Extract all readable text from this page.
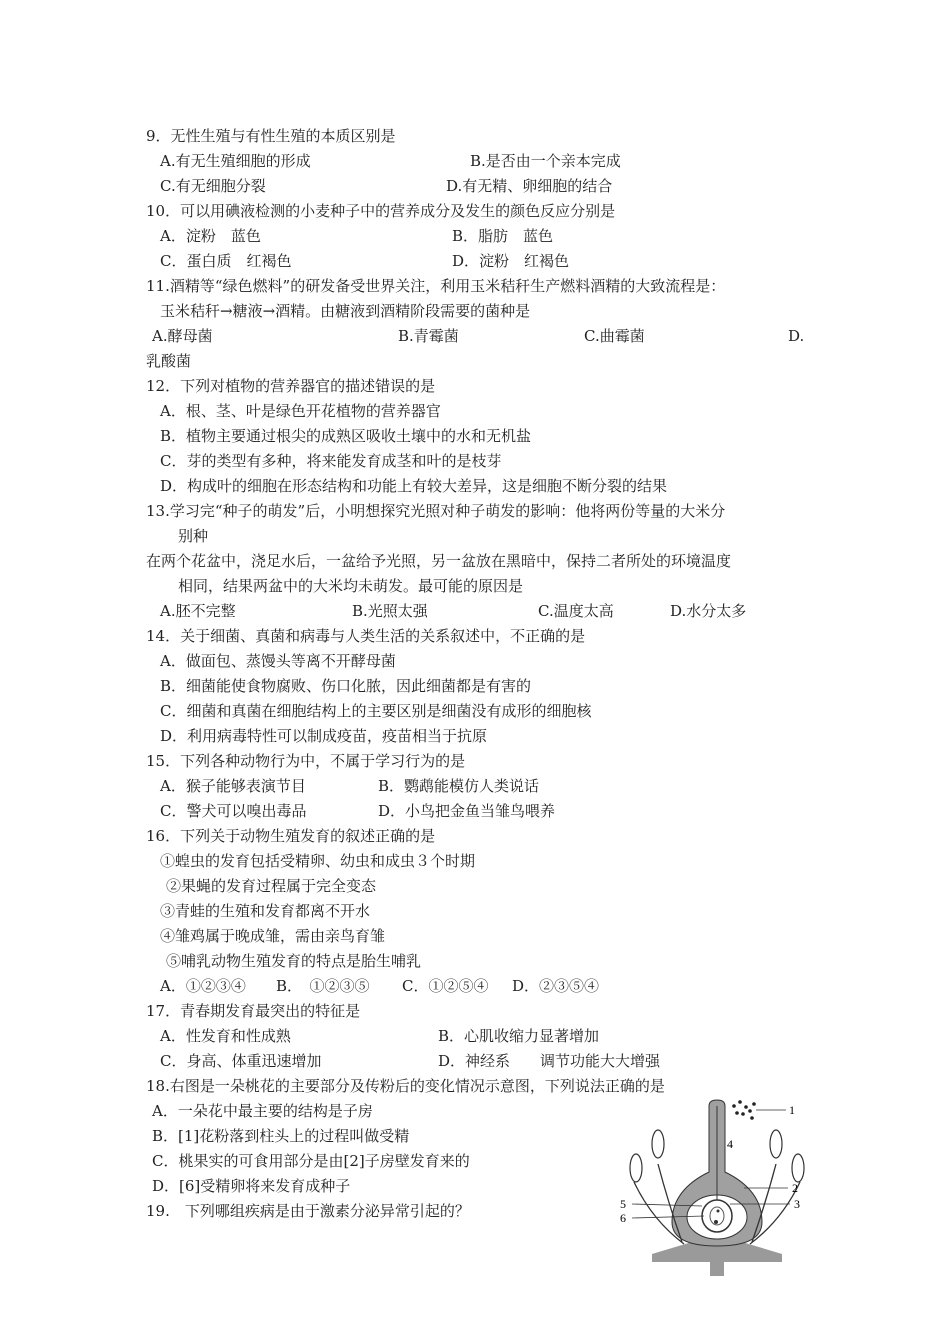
9．无性生殖与有性生殖的本质区别是
A.有无生殖细胞的形成	B.是否由一个亲本完成
C.有无细胞分裂	D.有无精、卵细胞的结合
10．可以用碘液检测的小麦种子中的营养成分及发生的颜色反应分别是
A．淀粉　蓝色	B．脂肪　蓝色
C．蛋白质　红褐色	D．淀粉　红褐色
11.酒精等“绿色燃料”的研发备受世界关注，利用玉米秸秆生产燃料酒精的大致流程是：
玉米秸秆→糖液→酒精。由糖液到酒精阶段需要的菌种是
A.酵母菌	B.青霉菌	C.曲霉菌	D.
乳酸菌
12．下列对植物的营养器官的描述错误的是
A．根、茎、叶是绿色开花植物的营养器官
B．植物主要通过根尖的成熟区吸收土壤中的水和无机盐
C．芽的类型有多种，将来能发育成茎和叶的是枝芽
D．构成叶的细胞在形态结构和功能上有较大差异，这是细胞不断分裂的结果
13.学习完“种子的萌发”后，小明想探究光照对种子萌发的影响：他将两份等量的大米分
别种
在两个花盆中，浇足水后，一盆给予光照，另一盆放在黑暗中，保持二者所处的环境温度
相同，结果两盆中的大米均未萌发。最可能的原因是
A.胚不完整	B.光照太强	C.温度太高	D.水分太多
14．关于细菌、真菌和病毒与人类生活的关系叙述中，不正确的是
A．做面包、蒸馒头等离不开酵母菌
B．细菌能使食物腐败、伤口化脓，因此细菌都是有害的
C．细菌和真菌在细胞结构上的主要区别是细菌没有成形的细胞核
D．利用病毒特性可以制成疫苗，疫苗相当于抗原
15．下列各种动物行为中，不属于学习行为的是
A．猴子能够表演节目	B．鹦鹉能模仿人类说话
C．警犬可以嗅出毒品	D．小鸟把金鱼当雏鸟喂养
16．下列关于动物生殖发育的叙述正确的是
①蝗虫的发育包括受精卵、幼虫和成虫３个时期
②果蝇的发育过程属于完全变态
③青蛙的生殖和发育都离不开水
④雏鸡属于晚成雏，需由亲鸟育雏
⑤哺乳动物生殖发育的特点是胎生哺乳
A．①②③④ B．　①②③⑤ C．①②⑤④ D．②③⑤④
17．青春期发育最突出的特征是
A．性发育和性成熟	B．心肌收缩力显著增加
C．身高、体重迅速增加	D．神经系　　调节功能大大增强
18.右图是一朵桃花的主要部分及传粉后的变化情况示意图，下列说法正确的是
A．一朵花中最主要的结构是子房
B．[1]花粉落到柱头上的过程叫做受精
C．桃果实的可食用部分是由[2]子房壁发育来的
D．[6]受精卵将来发育成种子
19.　下列哪组疾病是由于激素分泌异常引起的？
1
4
2
3
5
6
